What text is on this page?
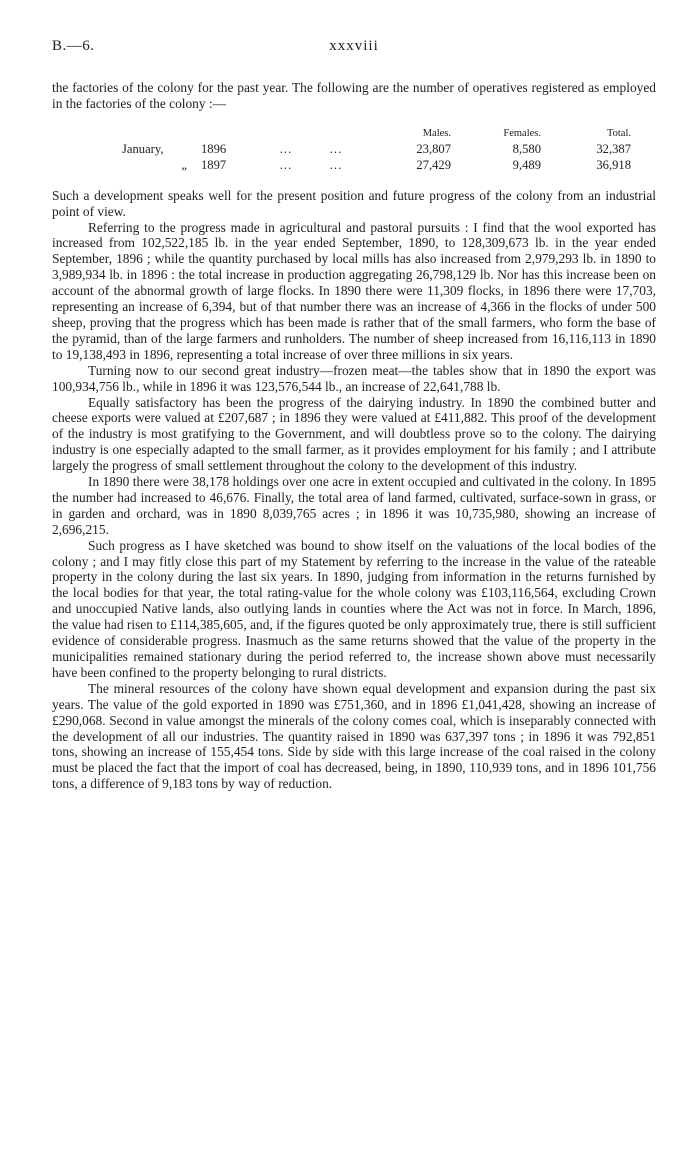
B.—6.	xxxviii

the factories of the colony for the past year. The following are the number of operatives registered as employed in the factories of the colony :—

				Males.	Females.	Total.
January,	1896	...	...	23,807	8,580	32,387
„	1897	...	...	27,429	9,489	36,918

Such a development speaks well for the present position and future progress of the colony from an industrial point of view.

Referring to the progress made in agricultural and pastoral pursuits : I find that the wool exported has increased from 102,522,185 lb. in the year ended September, 1890, to 128,309,673 lb. in the year ended September, 1896 ; while the quantity purchased by local mills has also increased from 2,979,293 lb. in 1890 to 3,989,934 lb. in 1896 : the total increase in production aggregating 26,798,129 lb. Nor has this increase been on account of the abnormal growth of large flocks. In 1890 there were 11,309 flocks, in 1896 there were 17,703, representing an increase of 6,394, but of that number there was an increase of 4,366 in the flocks of under 500 sheep, proving that the progress which has been made is rather that of the small farmers, who form the base of the pyramid, than of the large farmers and runholders. The number of sheep increased from 16,116,113 in 1890 to 19,138,493 in 1896, representing a total increase of over three millions in six years.

Turning now to our second great industry—frozen meat—the tables show that in 1890 the export was 100,934,756 lb., while in 1896 it was 123,576,544 lb., an increase of 22,641,788 lb.

Equally satisfactory has been the progress of the dairying industry. In 1890 the combined butter and cheese exports were valued at £207,687 ; in 1896 they were valued at £411,882. This proof of the development of the industry is most gratifying to the Government, and will doubtless prove so to the colony. The dairying industry is one especially adapted to the small farmer, as it provides employment for his family ; and I attribute largely the progress of small settlement throughout the colony to the development of this industry.

In 1890 there were 38,178 holdings over one acre in extent occupied and cultivated in the colony. In 1895 the number had increased to 46,676. Finally, the total area of land farmed, cultivated, surface-sown in grass, or in garden and orchard, was in 1890 8,039,765 acres ; in 1896 it was 10,735,980, showing an increase of 2,696,215.

Such progress as I have sketched was bound to show itself on the valuations of the local bodies of the colony ; and I may fitly close this part of my Statement by referring to the increase in the value of the rateable property in the colony during the last six years. In 1890, judging from information in the returns furnished by the local bodies for that year, the total rating-value for the whole colony was £103,116,564, excluding Crown and unoccupied Native lands, also outlying lands in counties where the Act was not in force. In March, 1896, the value had risen to £114,385,605, and, if the figures quoted be only approximately true, there is still sufficient evidence of considerable progress. Inasmuch as the same returns showed that the value of the property in the municipalities remained stationary during the period referred to, the increase shown above must necessarily have been confined to the property belonging to rural districts.

The mineral resources of the colony have shown equal development and expansion during the past six years. The value of the gold exported in 1890 was £751,360, and in 1896 £1,041,428, showing an increase of £290,068. Second in value amongst the minerals of the colony comes coal, which is inseparably connected with the development of all our industries. The quantity raised in 1890 was 637,397 tons ; in 1896 it was 792,851 tons, showing an increase of 155,454 tons. Side by side with this large increase of the coal raised in the colony must be placed the fact that the import of coal has decreased, being, in 1890, 110,939 tons, and in 1896 101,756 tons, a difference of 9,183 tons by way of reduction.
